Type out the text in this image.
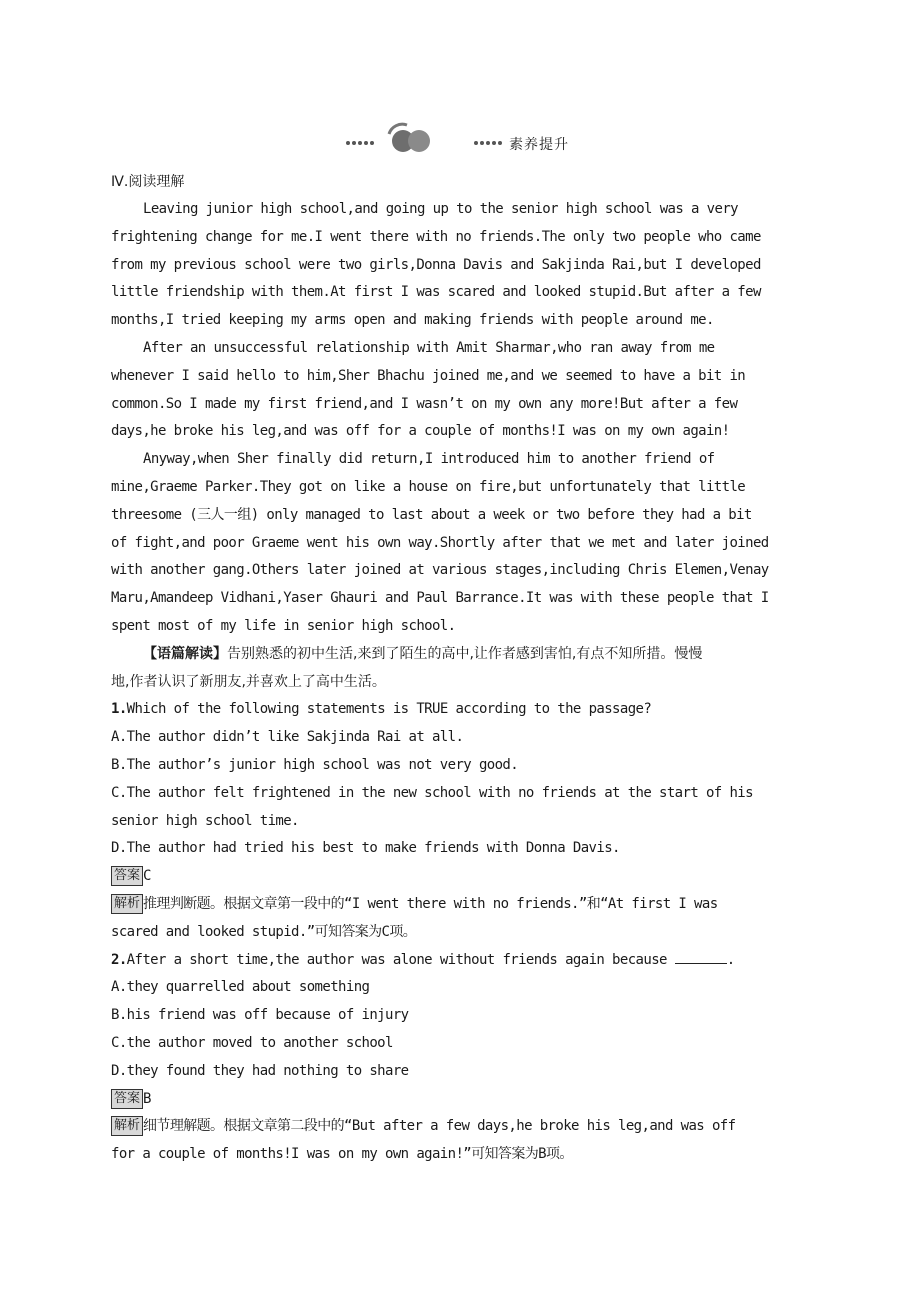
素养提升
Ⅳ.阅读理解
Leaving junior high school,and going up to the senior high school was a very
frightening change for me.I went there with no friends.The only two people who came
from my previous school were two girls,Donna Davis and Sakjinda Rai,but I developed
little friendship with them.At first I was scared and looked stupid.But after a few
months,I tried keeping my arms open and making friends with people around me.
After an unsuccessful relationship with Amit Sharmar,who ran away from me
whenever I said hello to him,Sher Bhachu joined me,and we seemed to have a bit in
common.So I made my first friend,and I wasn’t on my own any more!But after a few
days,he broke his leg,and was off for a couple of months!I was on my own again!
Anyway,when Sher finally did return,I introduced him to another friend of
mine,Graeme Parker.They got on like a house on fire,but unfortunately that little
threesome (三人一组) only managed to last about a week or two before they had a bit
of fight,and poor Graeme went his own way.Shortly after that we met and later joined
with another gang.Others later joined at various stages,including Chris Elemen,Venay
Maru,Amandeep Vidhani,Yaser Ghauri and Paul Barrance.It was with these people that I
spent most of my life in senior high school.
【语篇解读】告别熟悉的初中生活,来到了陌生的高中,让作者感到害怕,有点不知所措。慢慢
地,作者认识了新朋友,并喜欢上了高中生活。
1.Which of the following statements is TRUE according to the passage?
A.The author didn’t like Sakjinda Rai at all.
B.The author’s junior high school was not very good.
C.The author felt frightened in the new school with no friends at the start of his
senior high school time.
D.The author had tried his best to make friends with Donna Davis.
答案 C
解析 推理判断题。根据文章第一段中的“I went there with no friends.”和“At first I was
scared and looked stupid.”可知答案为C项。
2.After a short time,the author was alone without friends again because	.
A.they quarrelled about something
B.his friend was off because of injury
C.the author moved to another school
D.they found they had nothing to share
答案 B
解析 细节理解题。根据文章第二段中的“But after a few days,he broke his leg,and was off
for a couple of months!I was on my own again!”可知答案为B项。
